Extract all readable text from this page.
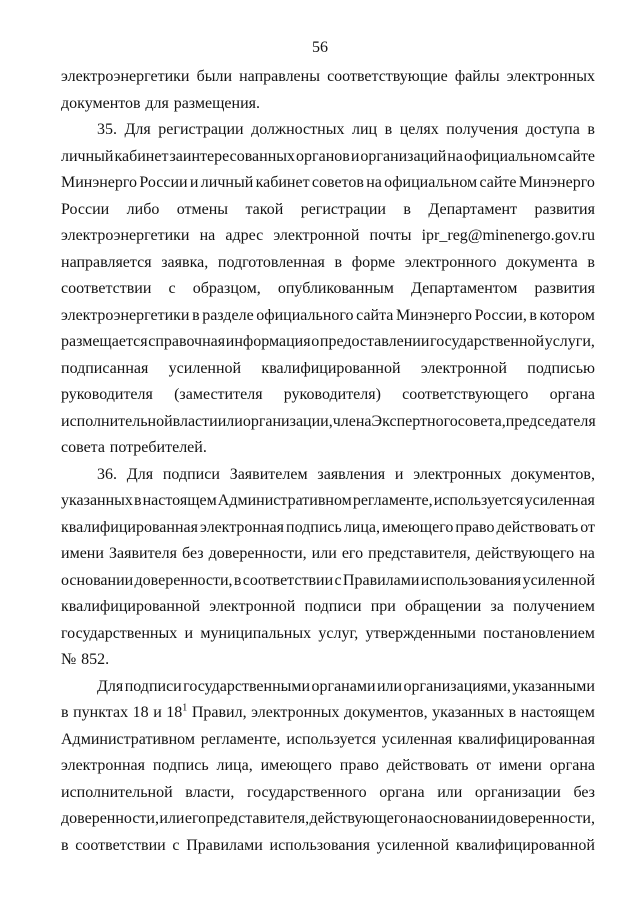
56
электроэнергетики были направлены соответствующие файлы электронных
документов для размещения.
35. Для регистрации должностных лиц в целях получения доступа в
личный кабинет заинтересованных органов и организаций на официальном сайте
Минэнерго России и личный кабинет советов на официальном сайте Минэнерго
России либо отмены такой регистрации в Департамент развития
электроэнергетики на адрес электронной почты ipr_reg@minenergo.gov.ru
направляется заявка, подготовленная в форме электронного документа в
соответствии с образцом, опубликованным Департаментом развития
электроэнергетики в разделе официального сайта Минэнерго России, в котором
размещается справочная информация о предоставлении государственной услуги,
подписанная усиленной квалифицированной электронной подписью
руководителя (заместителя руководителя) соответствующего органа
исполнительной власти или организации, члена Экспертного совета, председателя
совета потребителей.
36. Для подписи Заявителем заявления и электронных документов,
указанных в настоящем Административном регламенте, используется усиленная
квалифицированная электронная подпись лица, имеющего право действовать от
имени Заявителя без доверенности, или его представителя, действующего на
основании доверенности, в соответствии с Правилами использования усиленной
квалифицированной электронной подписи при обращении за получением
государственных и муниципальных услуг, утвержденными постановлением
№ 852.
Для подписи государственными органами или организациями, указанными
в пунктах 18 и $18^1$ Правил, электронных документов, указанных в настоящем
Административном регламенте, используется усиленная квалифицированная
электронная подпись лица, имеющего право действовать от имени органа
исполнительной власти, государственного органа или организации без
доверенности, или его представителя, действующего на основании доверенности,
в соответствии с Правилами использования усиленной квалифицированной
